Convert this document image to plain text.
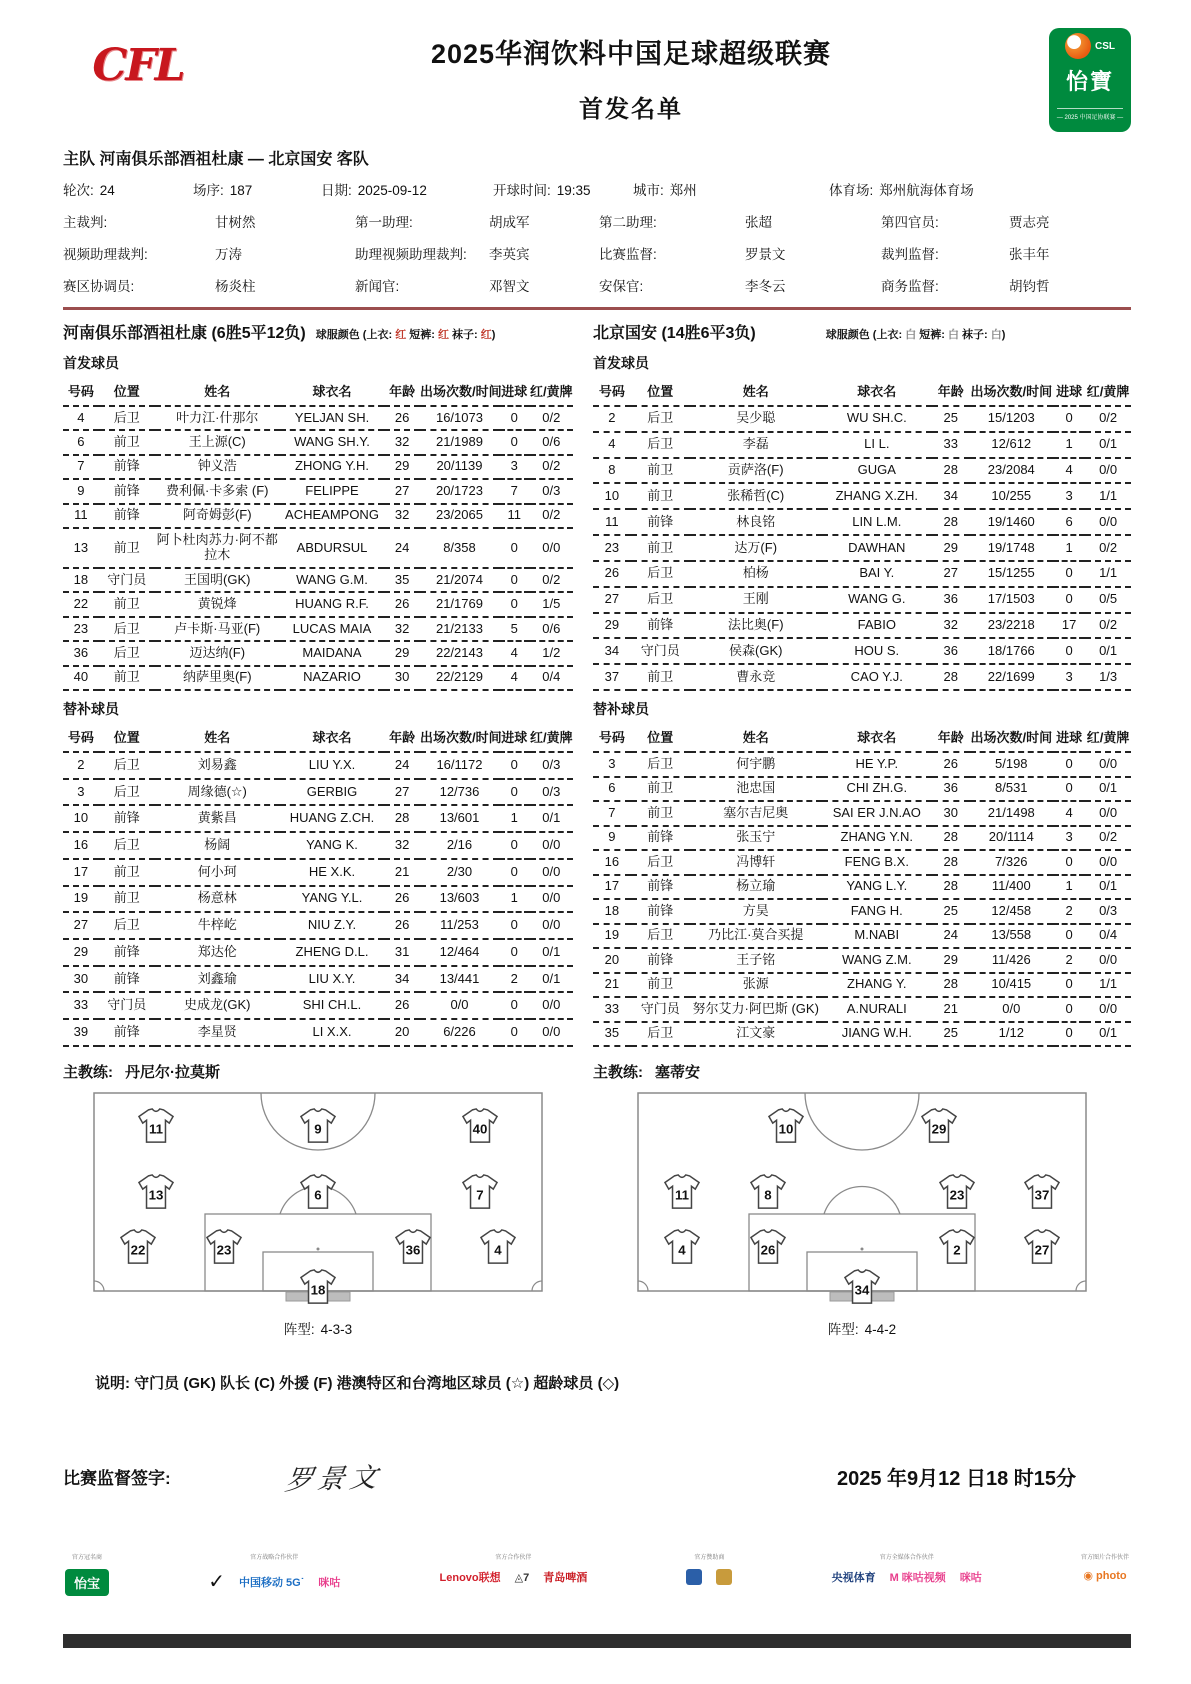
CFL	2025华润饮料中国足球超级联赛
首发名单
CSL
怡寶
— 2025 中国足协联赛 —
主队 河南俱乐部酒祖杜康 — 北京国安 客队
轮次: 24	场序: 187	日期: 2025-09-12	开球时间: 19:35	城市: 郑州	体育场: 郑州航海体育场
主裁判:	甘树然	第一助理:	胡成军	第二助理:	张超	第四官员:	贾志亮
视频助理裁判:	万涛	助理视频助理裁判: 李英宾	比赛监督:	罗景文	裁判监督:	张丰年
赛区协调员:	杨炎柱	新闻官:	邓智文	安保官:	李冬云	商务监督:	胡钧哲
河南俱乐部酒祖杜康 (6胜5平12负) 球服颜色 (上衣: 红 短裤: 红 袜子: 红)
首发球员
号码	位置	姓名	球衣名	年龄	出场次数/时间	进球	红/黄牌
4	后卫	叶力江·什那尔	YELJAN SH.	26	16/1073	0	0/2
6	前卫	王上源(C)	WANG SH.Y.	32	21/1989	0	0/6
7	前锋	钟义浩	ZHONG Y.H.	29	20/1139	3	0/2
9	前锋	费利佩·卡多索 (F)	FELIPPE	27	20/1723	7	0/3
11	前锋	阿奇姆彭(F)	ACHEAMPONG	32	23/2065	11	0/2
13	前卫	阿卜杜肉苏力·阿不都拉木	ABDURSUL	24	8/358	0	0/0
18	守门员	王国明(GK)	WANG G.M.	35	21/2074	0	0/2
22	前卫	黄锐烽	HUANG R.F.	26	21/1769	0	1/5
23	后卫	卢卡斯·马亚(F)	LUCAS MAIA	32	21/2133	5	0/6
36	后卫	迈达纳(F)	MAIDANA	29	22/2143	4	1/2
40	前卫	纳萨里奥(F)	NAZARIO	30	22/2129	4	0/4
替补球员
号码	位置	姓名	球衣名	年龄	出场次数/时间	进球	红/黄牌
2	后卫	刘易鑫	LIU Y.X.	24	16/1172	0	0/3
3	后卫	周缘德(☆)	GERBIG	27	12/736	0	0/3
10	前锋	黄紫昌	HUANG Z.CH.	28	13/601	1	0/1
16	后卫	杨阔	YANG K.	32	2/16	0	0/0
17	前卫	何小珂	HE X.K.	21	2/30	0	0/0
19	前卫	杨意林	YANG Y.L.	26	13/603	1	0/0
27	后卫	牛梓屹	NIU Z.Y.	26	11/253	0	0/0
29	前锋	郑达伦	ZHENG D.L.	31	12/464	0	0/1
30	前锋	刘鑫瑜	LIU X.Y.	34	13/441	2	0/1
33	守门员	史成龙(GK)	SHI CH.L.	26	0/0	0	0/0
39	前锋	李星贤	LI X.X.	20	6/226	0	0/0
主教练: 丹尼尔·拉莫斯
11	9	40
13	6	7
22	23	36	4
18
阵型: 4-3-3
北京国安 (14胜6平3负)	球服颜色 (上衣: 白 短裤: 白 袜子: 白)
首发球员
号码	位置	姓名	球衣名	年龄	出场次数/时间	进球	红/黄牌
2	后卫	吴少聪	WU SH.C.	25	15/1203	0	0/2
4	后卫	李磊	LI L.	33	12/612	1	0/1
8	前卫	贡萨洛(F)	GUGA	28	23/2084	4	0/0
10	前卫	张稀哲(C)	ZHANG X.ZH.	34	10/255	3	1/1
11	前锋	林良铭	LIN L.M.	28	19/1460	6	0/0
23	前卫	达万(F)	DAWHAN	29	19/1748	1	0/2
26	后卫	柏杨	BAI Y.	27	15/1255	0	1/1
27	后卫	王刚	WANG G.	36	17/1503	0	0/5
29	前锋	法比奥(F)	FABIO	32	23/2218	17	0/2
34	守门员	侯森(GK)	HOU S.	36	18/1766	0	0/1
37	前卫	曹永竞	CAO Y.J.	28	22/1699	3	1/3
替补球员
号码	位置	姓名	球衣名	年龄	出场次数/时间	进球	红/黄牌
3	后卫	何宇鹏	HE Y.P.	26	5/198	0	0/0
6	前卫	池忠国	CHI ZH.G.	36	8/531	0	0/1
7	前卫	塞尔吉尼奥	SAI ER J.N.AO	30	21/1498	4	0/0
9	前锋	张玉宁	ZHANG Y.N.	28	20/1114	3	0/2
16	后卫	冯博轩	FENG B.X.	28	7/326	0	0/0
17	前锋	杨立瑜	YANG L.Y.	28	11/400	1	0/1
18	前锋	方昊	FANG H.	25	12/458	2	0/3
19	后卫	乃比江·莫合买提	M.NABI	24	13/558	0	0/4
20	前锋	王子铭	WANG Z.M.	29	11/426	2	0/0
21	前卫	张源	ZHANG Y.	28	10/415	0	1/1
33	守门员	努尔艾力·阿巴斯 (GK)	A.NURALI	21	0/0	0	0/0
35	后卫	江文豪	JIANG W.H.	25	1/12	0	0/1
主教练: 塞蒂安
10	29
11	8	23	37
4	26	2	27
34
阵型: 4-4-2
说明: 守门员 (GK) 队长 (C) 外援 (F) 港澳特区和台湾地区球员 (☆) 超龄球员 (◇)
比赛监督签字:	罗景文	2025 年9月12 日18 时15分
官方冠名商
怡宝
官方战略合作伙伴
✓ 中国移动 5G˙ 咪咕
官方合作伙伴
Lenovo联想 ◬7 青岛啤酒
官方赞助商	官方全媒体合作伙伴
央视体育 M 咪咕视频 咪咕
官方图片合作伙伴
◉ photo
